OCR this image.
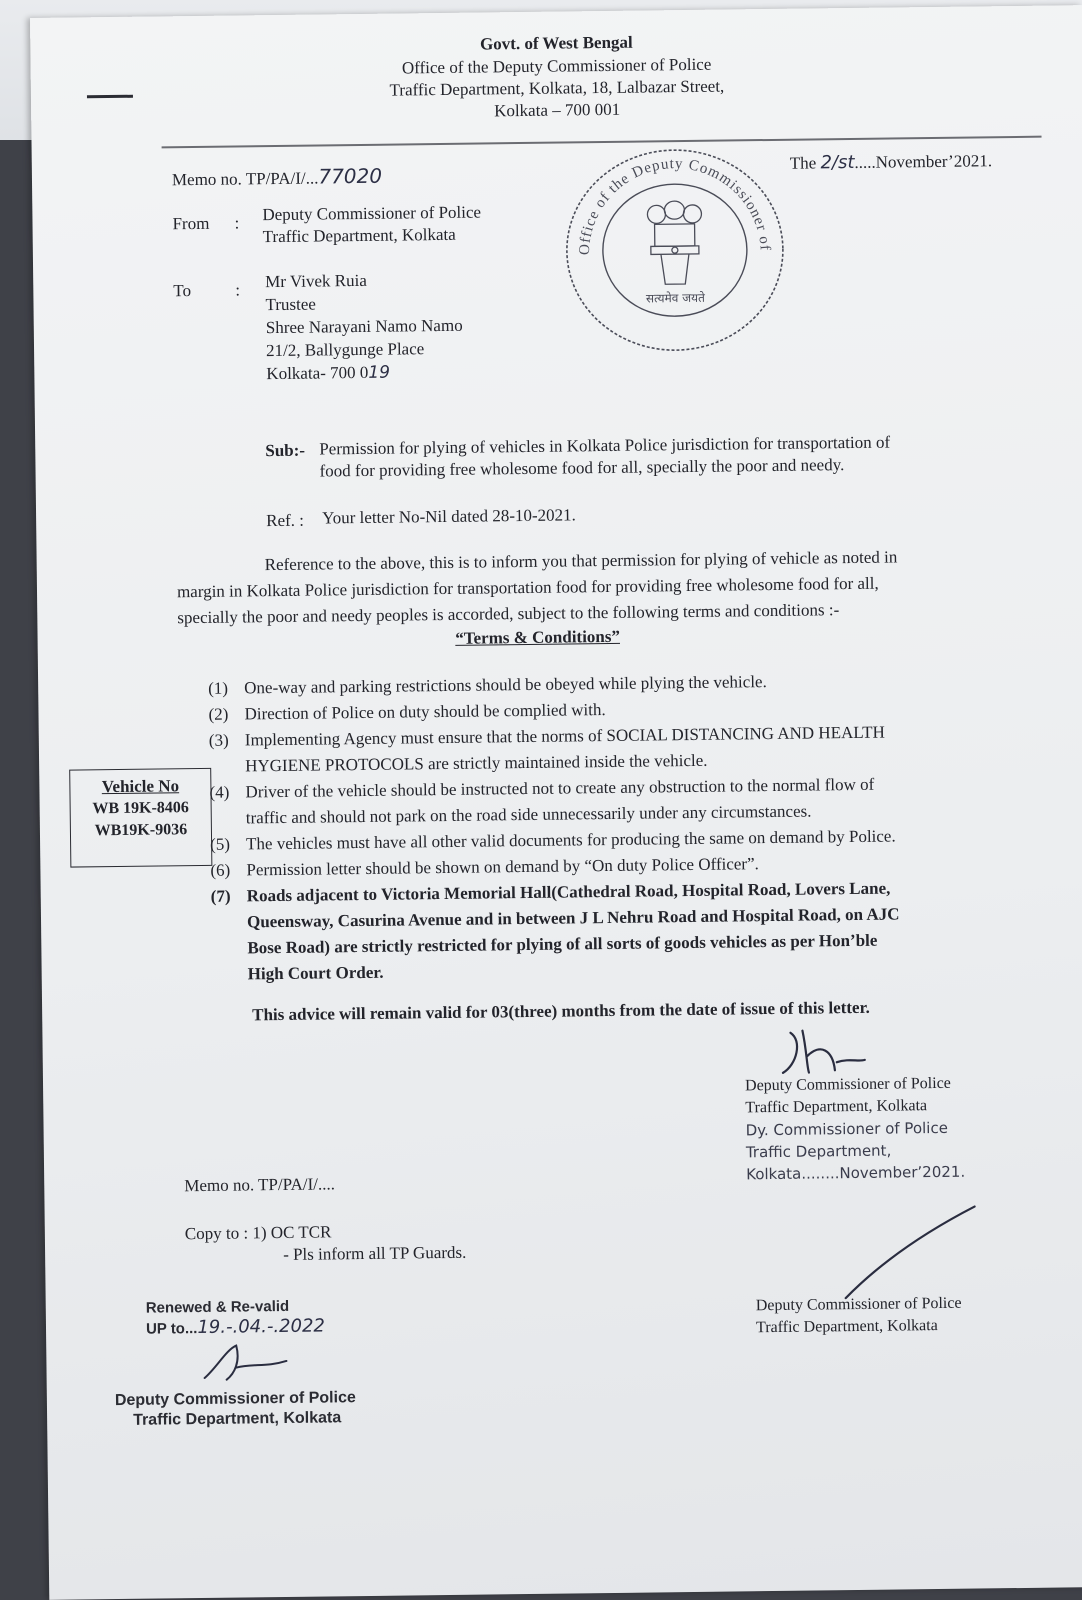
Govt. of West Bengal
Office of the Deputy Commissioner of Police
Traffic Department, Kolkata, 18, Lalbazar Street,
Kolkata – 700 001
Memo no. TP/PA/I/...77020
The 2/st.....November’2021.
From : Deputy Commissioner of Police
Traffic Department, Kolkata
To	: Mr Vivek Ruia
Trustee
Shree Narayani Namo Namo
21/2, Ballygunge Place
Kolkata- 700 019
Office of the Deputy Commissioner of
सत्यमेव जयते
Sub:- Permission for plying of vehicles in Kolkata Police jurisdiction for transportation of
food for providing free wholesome food for all, specially the poor and needy.
Ref. : Your letter No-Nil dated 28-10-2021.
Reference to the above, this is to inform you that permission for plying of vehicle as noted in
margin in Kolkata Police jurisdiction for transportation food for providing free wholesome food for all,
specially the poor and needy peoples is accorded, subject to the following terms and conditions :-
“Terms & Conditions”
(1) One-way and parking restrictions should be obeyed while plying the vehicle.
(2) Direction of Police on duty should be complied with.
(3) Implementing Agency must ensure that the norms of SOCIAL DISTANCING AND HEALTH
HYGIENE PROTOCOLS are strictly maintained inside the vehicle.
(4) Driver of the vehicle should be instructed not to create any obstruction to the normal flow of
traffic and should not park on the road side unnecessarily under any circumstances.
(5) The vehicles must have all other valid documents for producing the same on demand by Police.
(6) Permission letter should be shown on demand by “On duty Police Officer”.
(7) Roads adjacent to Victoria Memorial Hall(Cathedral Road, Hospital Road, Lovers Lane,
Queensway, Casurina Avenue and in between J L Nehru Road and Hospital Road, on AJC
Bose Road) are strictly restricted for plying of all sorts of goods vehicles as per Hon’ble
High Court Order.
Vehicle No
WB 19K-8406
WB19K-9036
This advice will remain valid for 03(three) months from the date of issue of this letter.
Deputy Commissioner of Police
Traffic Department, Kolkata
Dy. Commissioner of Police
Traffic Department, Kolkata........November’2021.
Memo no. TP/PA/I/....
Copy to : 1) OC TCR
- Pls inform all TP Guards.
Deputy Commissioner of Police
Traffic Department, Kolkata
Renewed & Re-valid
UP to...19.-.04.-.2022
Deputy Commissioner of Police
Traffic Department, Kolkata
